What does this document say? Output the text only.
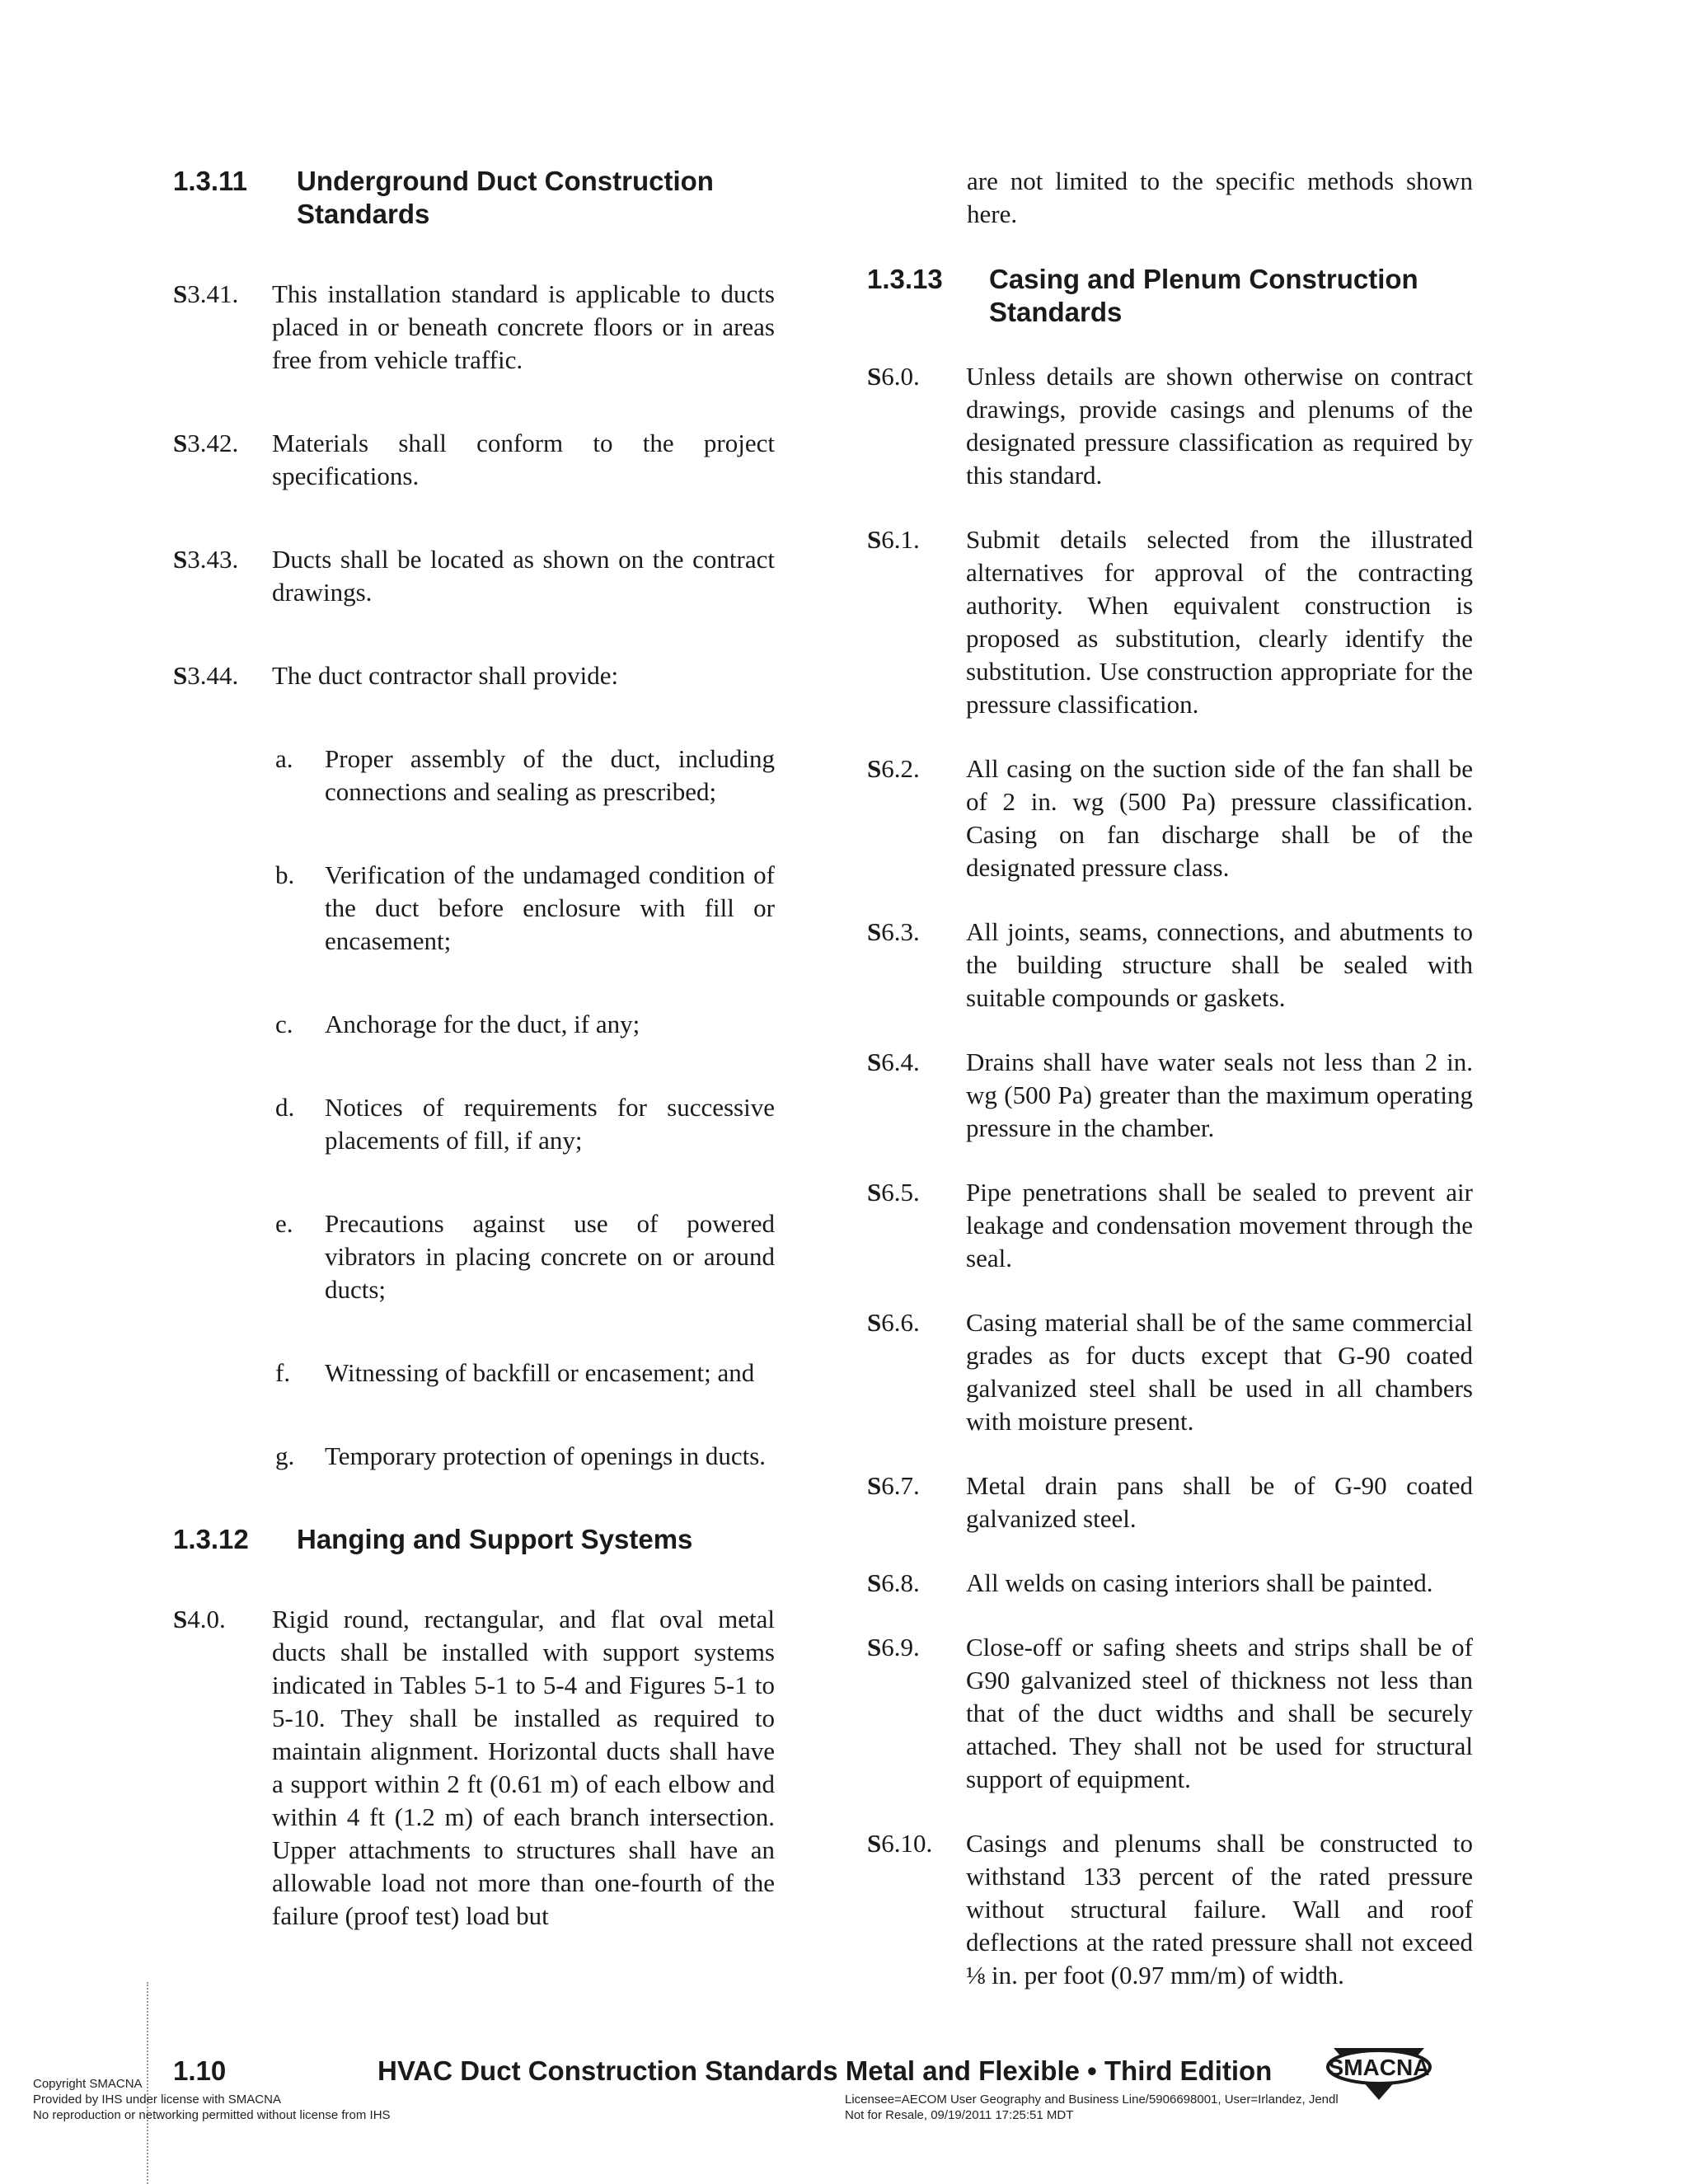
1.3.11	Underground Duct Construction Standards
S3.41.	This installation standard is applicable to ducts placed in or beneath concrete floors or in areas free from vehicle traffic.
S3.42.	Materials shall conform to the project specifications.
S3.43.	Ducts shall be located as shown on the contract drawings.
S3.44.	The duct contractor shall provide:
a.	Proper assembly of the duct, including connections and sealing as prescribed;
b.	Verification of the undamaged condition of the duct before enclosure with fill or encasement;
c.	Anchorage for the duct, if any;
d.	Notices of requirements for successive placements of fill, if any;
e.	Precautions against use of powered vibrators in placing concrete on or around ducts;
f.	Witnessing of backfill or encasement; and
g.	Temporary protection of openings in ducts.
1.3.12	Hanging and Support Systems
S4.0.	Rigid round, rectangular, and flat oval metal ducts shall be installed with support systems indicated in Tables 5-1 to 5-4 and Figures 5-1 to 5-10. They shall be installed as required to maintain alignment. Horizontal ducts shall have a support within 2 ft (0.61 m) of each elbow and within 4 ft (1.2 m) of each branch intersection. Upper attachments to structures shall have an allowable load not more than one-fourth of the failure (proof test) load but
are not limited to the specific methods shown here.
1.3.13	Casing and Plenum Construction Standards
S6.0.	Unless details are shown otherwise on contract drawings, provide casings and plenums of the designated pressure classification as required by this standard.
S6.1.	Submit details selected from the illustrated alternatives for approval of the contracting authority. When equivalent construction is proposed as substitution, clearly identify the substitution. Use construction appropriate for the pressure classification.
S6.2.	All casing on the suction side of the fan shall be of 2 in. wg (500 Pa) pressure classification. Casing on fan discharge shall be of the designated pressure class.
S6.3.	All joints, seams, connections, and abutments to the building structure shall be sealed with suitable compounds or gaskets.
S6.4.	Drains shall have water seals not less than 2 in. wg (500 Pa) greater than the maximum operating pressure in the chamber.
S6.5.	Pipe penetrations shall be sealed to prevent air leakage and condensation movement through the seal.
S6.6.	Casing material shall be of the same commercial grades as for ducts except that G-90 coated galvanized steel shall be used in all chambers with moisture present.
S6.7.	Metal drain pans shall be of G-90 coated galvanized steel.
S6.8.	All welds on casing interiors shall be painted.
S6.9.	Close-off or safing sheets and strips shall be of G90 galvanized steel of thickness not less than that of the duct widths and shall be securely attached. They shall not be used for structural support of equipment.
S6.10.	Casings and plenums shall be constructed to withstand 133 percent of the rated pressure without structural failure. Wall and roof deflections at the rated pressure shall not exceed ⅛ in. per foot (0.97 mm/m) of width.
1.10	HVAC Duct Construction Standards Metal and Flexible • Third Edition SMACNA
Copyright SMACNA
Provided by IHS under license with SMACNA
No reproduction or networking permitted without license from IHS
Licensee=AECOM User Geography and Business Line/5906698001, User=Irlandez, Jendl
Not for Resale, 09/19/2011 17:25:51 MDT
